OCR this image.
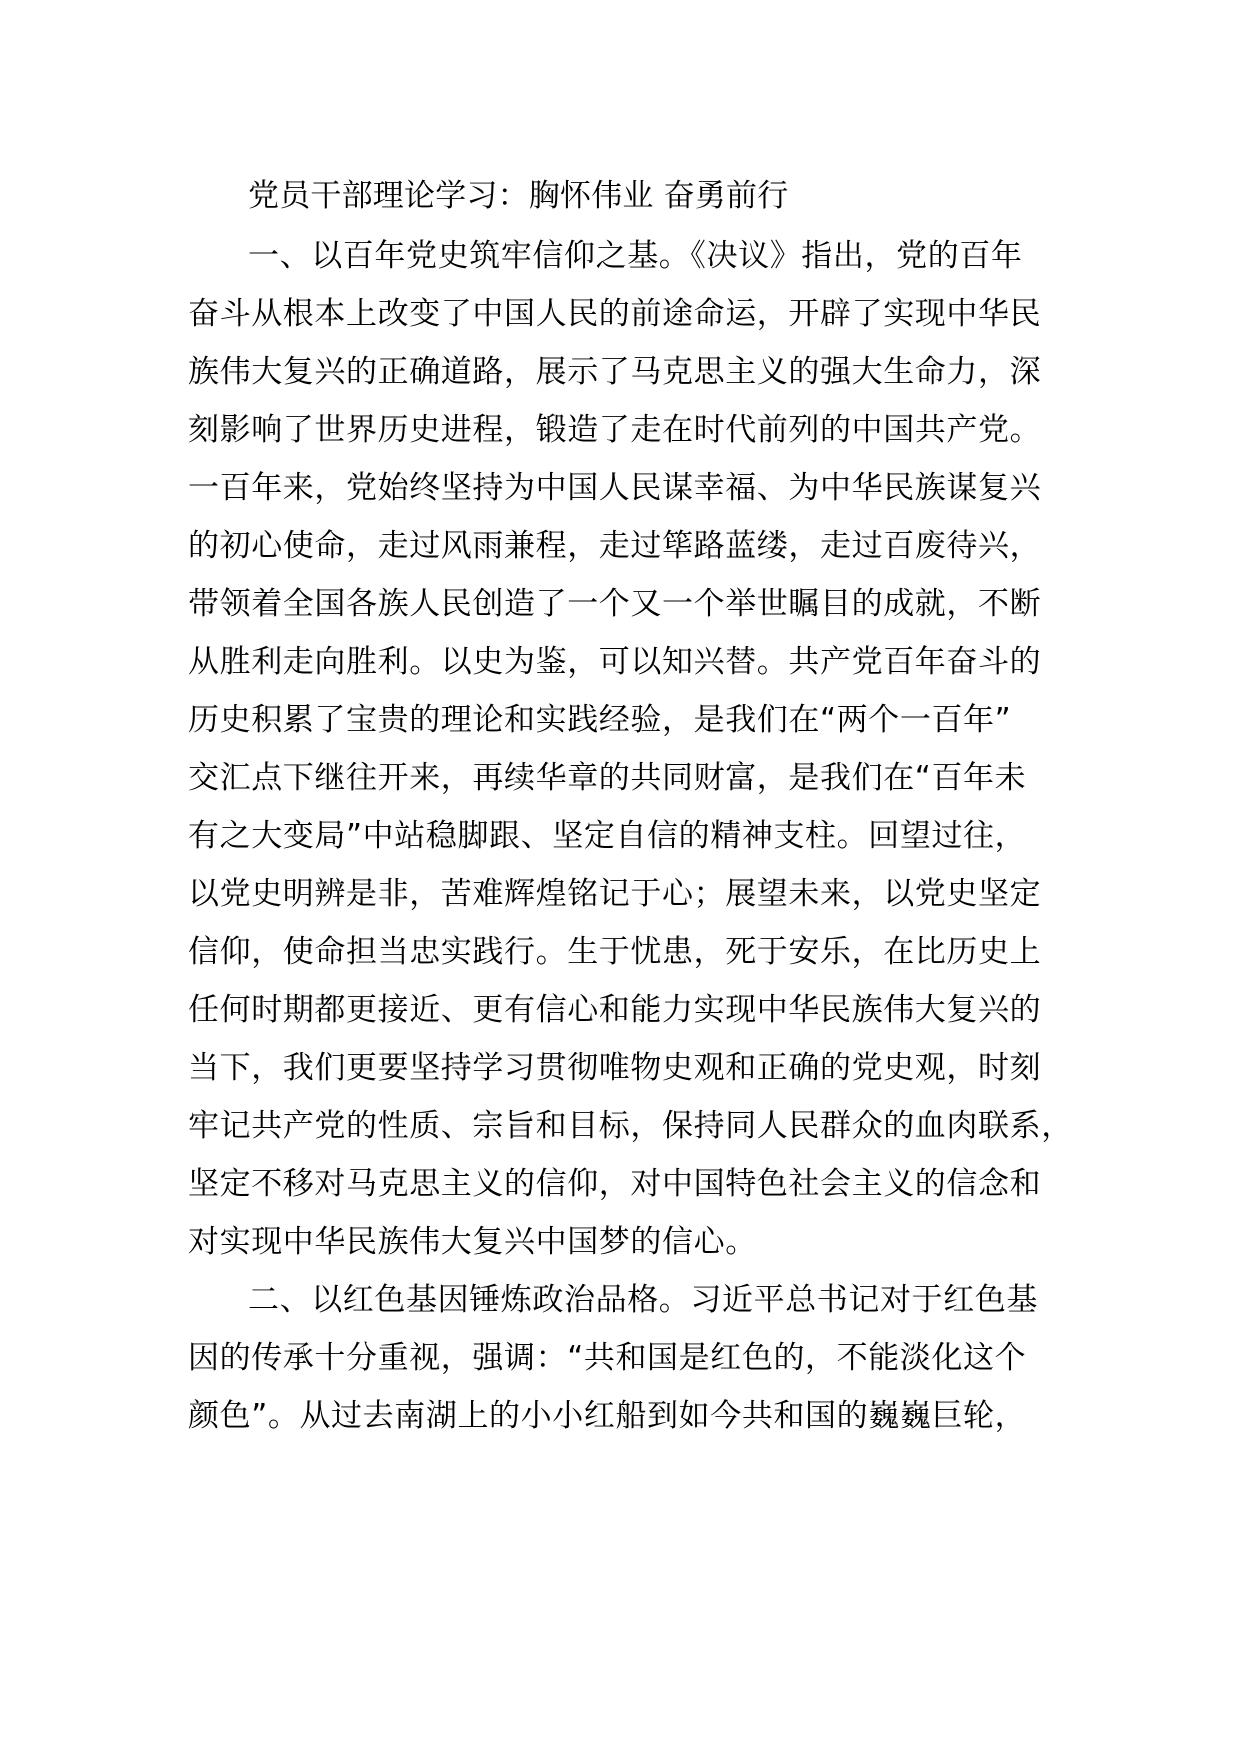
党员干部理论学习：胸怀伟业 奋勇前行
一、以百年党史筑牢信仰之基。《决议》指出，党的百年
奋斗从根本上改变了中国人民的前途命运，开辟了实现中华民
族伟大复兴的正确道路，展示了马克思主义的强大生命力，深
刻影响了世界历史进程，锻造了走在时代前列的中国共产党。
一百年来，党始终坚持为中国人民谋幸福、为中华民族谋复兴
的初心使命，走过风雨兼程，走过筚路蓝缕，走过百废待兴，
带领着全国各族人民创造了一个又一个举世瞩目的成就，不断
从胜利走向胜利。以史为鉴，可以知兴替。共产党百年奋斗的
历史积累了宝贵的理论和实践经验，是我们在“两个一百年”
交汇点下继往开来，再续华章的共同财富，是我们在“百年未
有之大变局”中站稳脚跟、坚定自信的精神支柱。回望过往，
以党史明辨是非，苦难辉煌铭记于心；展望未来，以党史坚定
信仰，使命担当忠实践行。生于忧患，死于安乐，在比历史上
任何时期都更接近、更有信心和能力实现中华民族伟大复兴的
当下，我们更要坚持学习贯彻唯物史观和正确的党史观，时刻
牢记共产党的性质、宗旨和目标，保持同人民群众的血肉联系，
坚定不移对马克思主义的信仰，对中国特色社会主义的信念和
对实现中华民族伟大复兴中国梦的信心。
二、以红色基因锤炼政治品格。习近平总书记对于红色基
因的传承十分重视，强调：“共和国是红色的，不能淡化这个
颜色”。从过去南湖上的小小红船到如今共和国的巍巍巨轮，
